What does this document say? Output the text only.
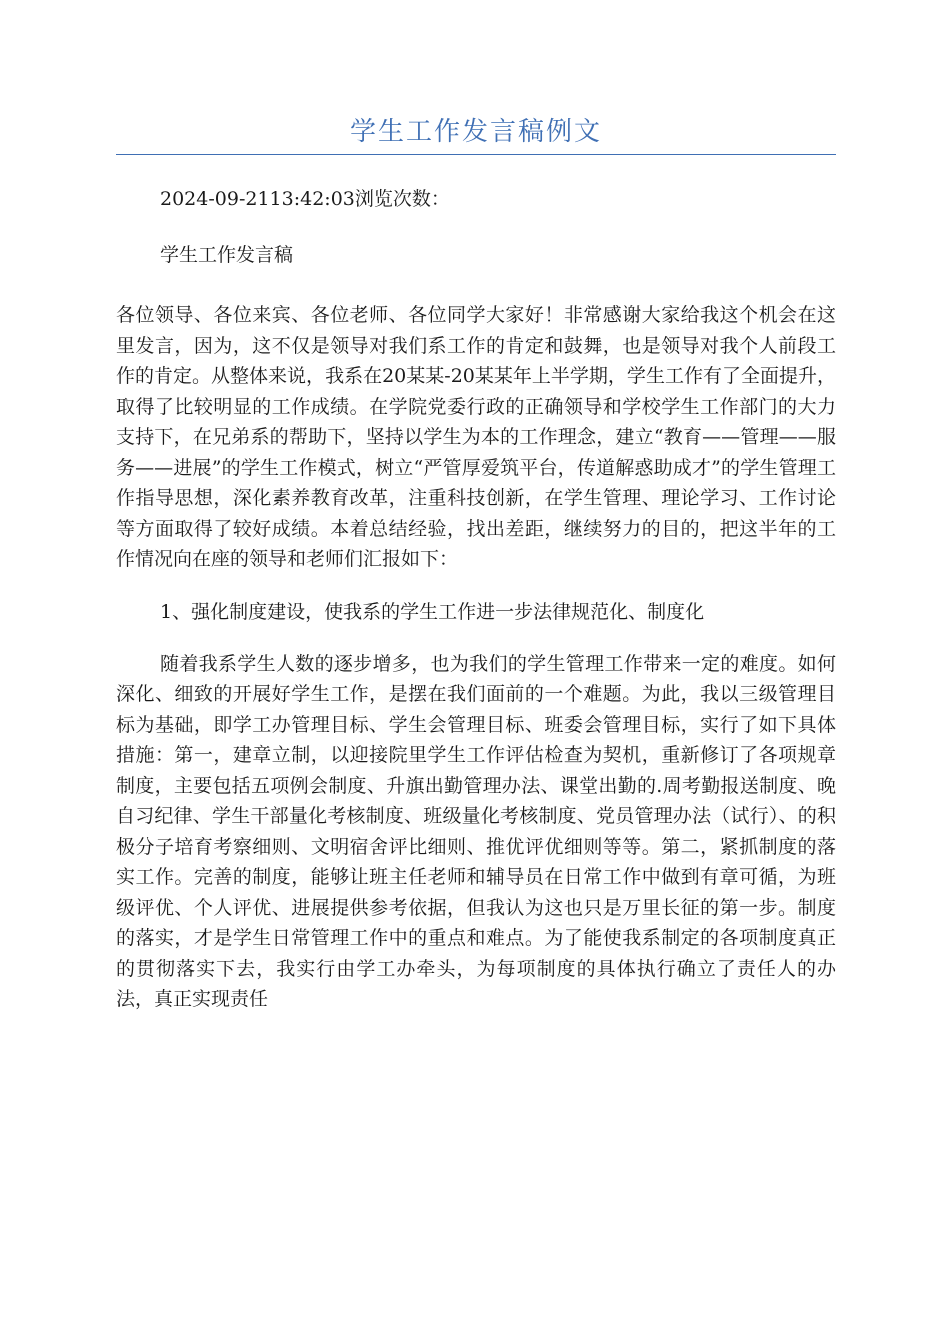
学生工作发言稿例文
2024-09-2113:42:03浏览次数：
学生工作发言稿

各位领导、各位来宾、各位老师、各位同学大家好！非常感谢大家给我这个机会在这里发言，因为，这不仅是领导对我们系工作的肯定和鼓舞，也是领导对我个人前段工作的肯定。从整体来说，我系在20某某-20某某年上半学期，学生工作有了全面提升，取得了比较明显的工作成绩。在学院党委行政的正确领导和学校学生工作部门的大力支持下，在兄弟系的帮助下，坚持以学生为本的工作理念，建立“教育——管理——服务——进展”的学生工作模式，树立“严管厚爱筑平台，传道解惑助成才”的学生管理工作指导思想，深化素养教育改革，注重科技创新，在学生管理、理论学习、工作讨论等方面取得了较好成绩。本着总结经验，找出差距，继续努力的目的，把这半年的工作情况向在座的领导和老师们汇报如下：

1、强化制度建设，使我系的学生工作进一步法律规范化、制度化

随着我系学生人数的逐步增多，也为我们的学生管理工作带来一定的难度。如何深化、细致的开展好学生工作，是摆在我们面前的一个难题。为此，我以三级管理目标为基础，即学工办管理目标、学生会管理目标、班委会管理目标，实行了如下具体措施：第一，建章立制，以迎接院里学生工作评估检查为契机，重新修订了各项规章制度，主要包括五项例会制度、升旗出勤管理办法、课堂出勤的.周考勤报送制度、晚自习纪律、学生干部量化考核制度、班级量化考核制度、党员管理办法（试行）、的积极分子培育考察细则、文明宿舍评比细则、推优评优细则等等。第二，紧抓制度的落实工作。完善的制度，能够让班主任老师和辅导员在日常工作中做到有章可循，为班级评优、个人评优、进展提供参考依据，但我认为这也只是万里长征的第一步。制度的落实，才是学生日常管理工作中的重点和难点。为了能使我系制定的各项制度真正的贯彻落实下去，我实行由学工办牵头，为每项制度的具体执行确立了责任人的办法，真正实现责任
